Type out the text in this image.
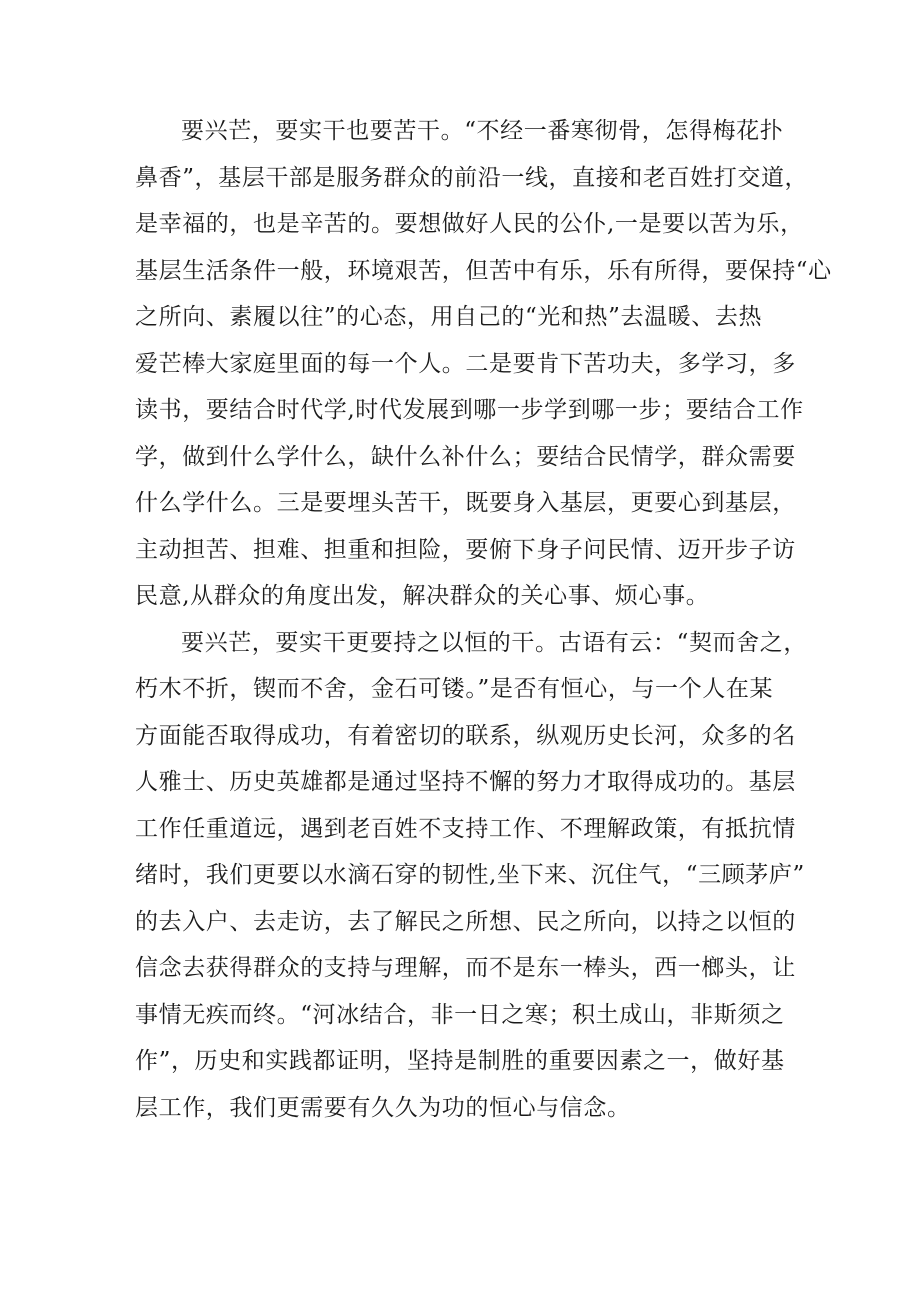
要兴芒，要实干也要苦干。“不经一番寒彻骨，怎得梅花扑
鼻香”，基层干部是服务群众的前沿一线，直接和老百姓打交道，
是幸福的，也是辛苦的。要想做好人民的公仆,一是要以苦为乐，
基层生活条件一般，环境艰苦，但苦中有乐，乐有所得，要保持“心
之所向、素履以往”的心态，用自己的“光和热”去温暖、去热
爱芒棒大家庭里面的每一个人。二是要肯下苦功夫，多学习，多
读书，要结合时代学,时代发展到哪一步学到哪一步；要结合工作
学，做到什么学什么，缺什么补什么；要结合民情学，群众需要
什么学什么。三是要埋头苦干，既要身入基层，更要心到基层，
主动担苦、担难、担重和担险，要俯下身子问民情、迈开步子访
民意,从群众的角度出发，解决群众的关心事、烦心事。
要兴芒，要实干更要持之以恒的干。古语有云：“契而舍之，
朽木不折，锲而不舍，金石可镂。”是否有恒心，与一个人在某
方面能否取得成功，有着密切的联系，纵观历史长河，众多的名
人雅士、历史英雄都是通过坚持不懈的努力才取得成功的。基层
工作任重道远，遇到老百姓不支持工作、不理解政策，有抵抗情
绪时，我们更要以水滴石穿的韧性,坐下来、沉住气，“三顾茅庐”
的去入户、去走访，去了解民之所想、民之所向，以持之以恒的
信念去获得群众的支持与理解，而不是东一棒头，西一榔头，让
事情无疾而终。“河冰结合，非一日之寒；积土成山，非斯须之
作”，历史和实践都证明，坚持是制胜的重要因素之一，做好基
层工作，我们更需要有久久为功的恒心与信念。
